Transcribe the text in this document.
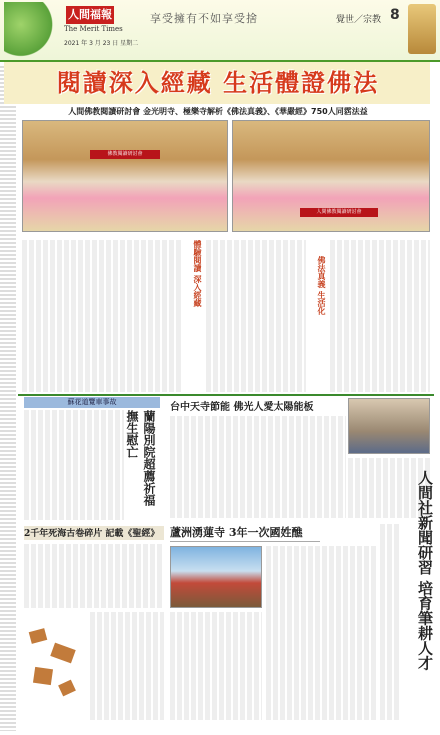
人間福報
The Merit Times
2021 年 3 月 23 日 星期二
享受擁有不如享受捨	覺世／宗教 8
閱讀深入經藏 生活體證佛法
人間佛教閱讀研討會 金光明寺、極樂寺解析《佛法真義》、《華嚴經》750人同霑法益
佛教閱讀研討會
人間佛教閱讀研討會
體驗閱讀 深入經藏	佛法真義 生活化
蘇花道覽車事故
蘭陽別院超薦祈福 撫生慰亡
2千年死海古卷碎片 記載《聖經》
台中天寺節能 佛光人愛太陽能板
蘆洲湧蓮寺 3年一次國姓醮	人間社新聞研習 培育筆耕人才
